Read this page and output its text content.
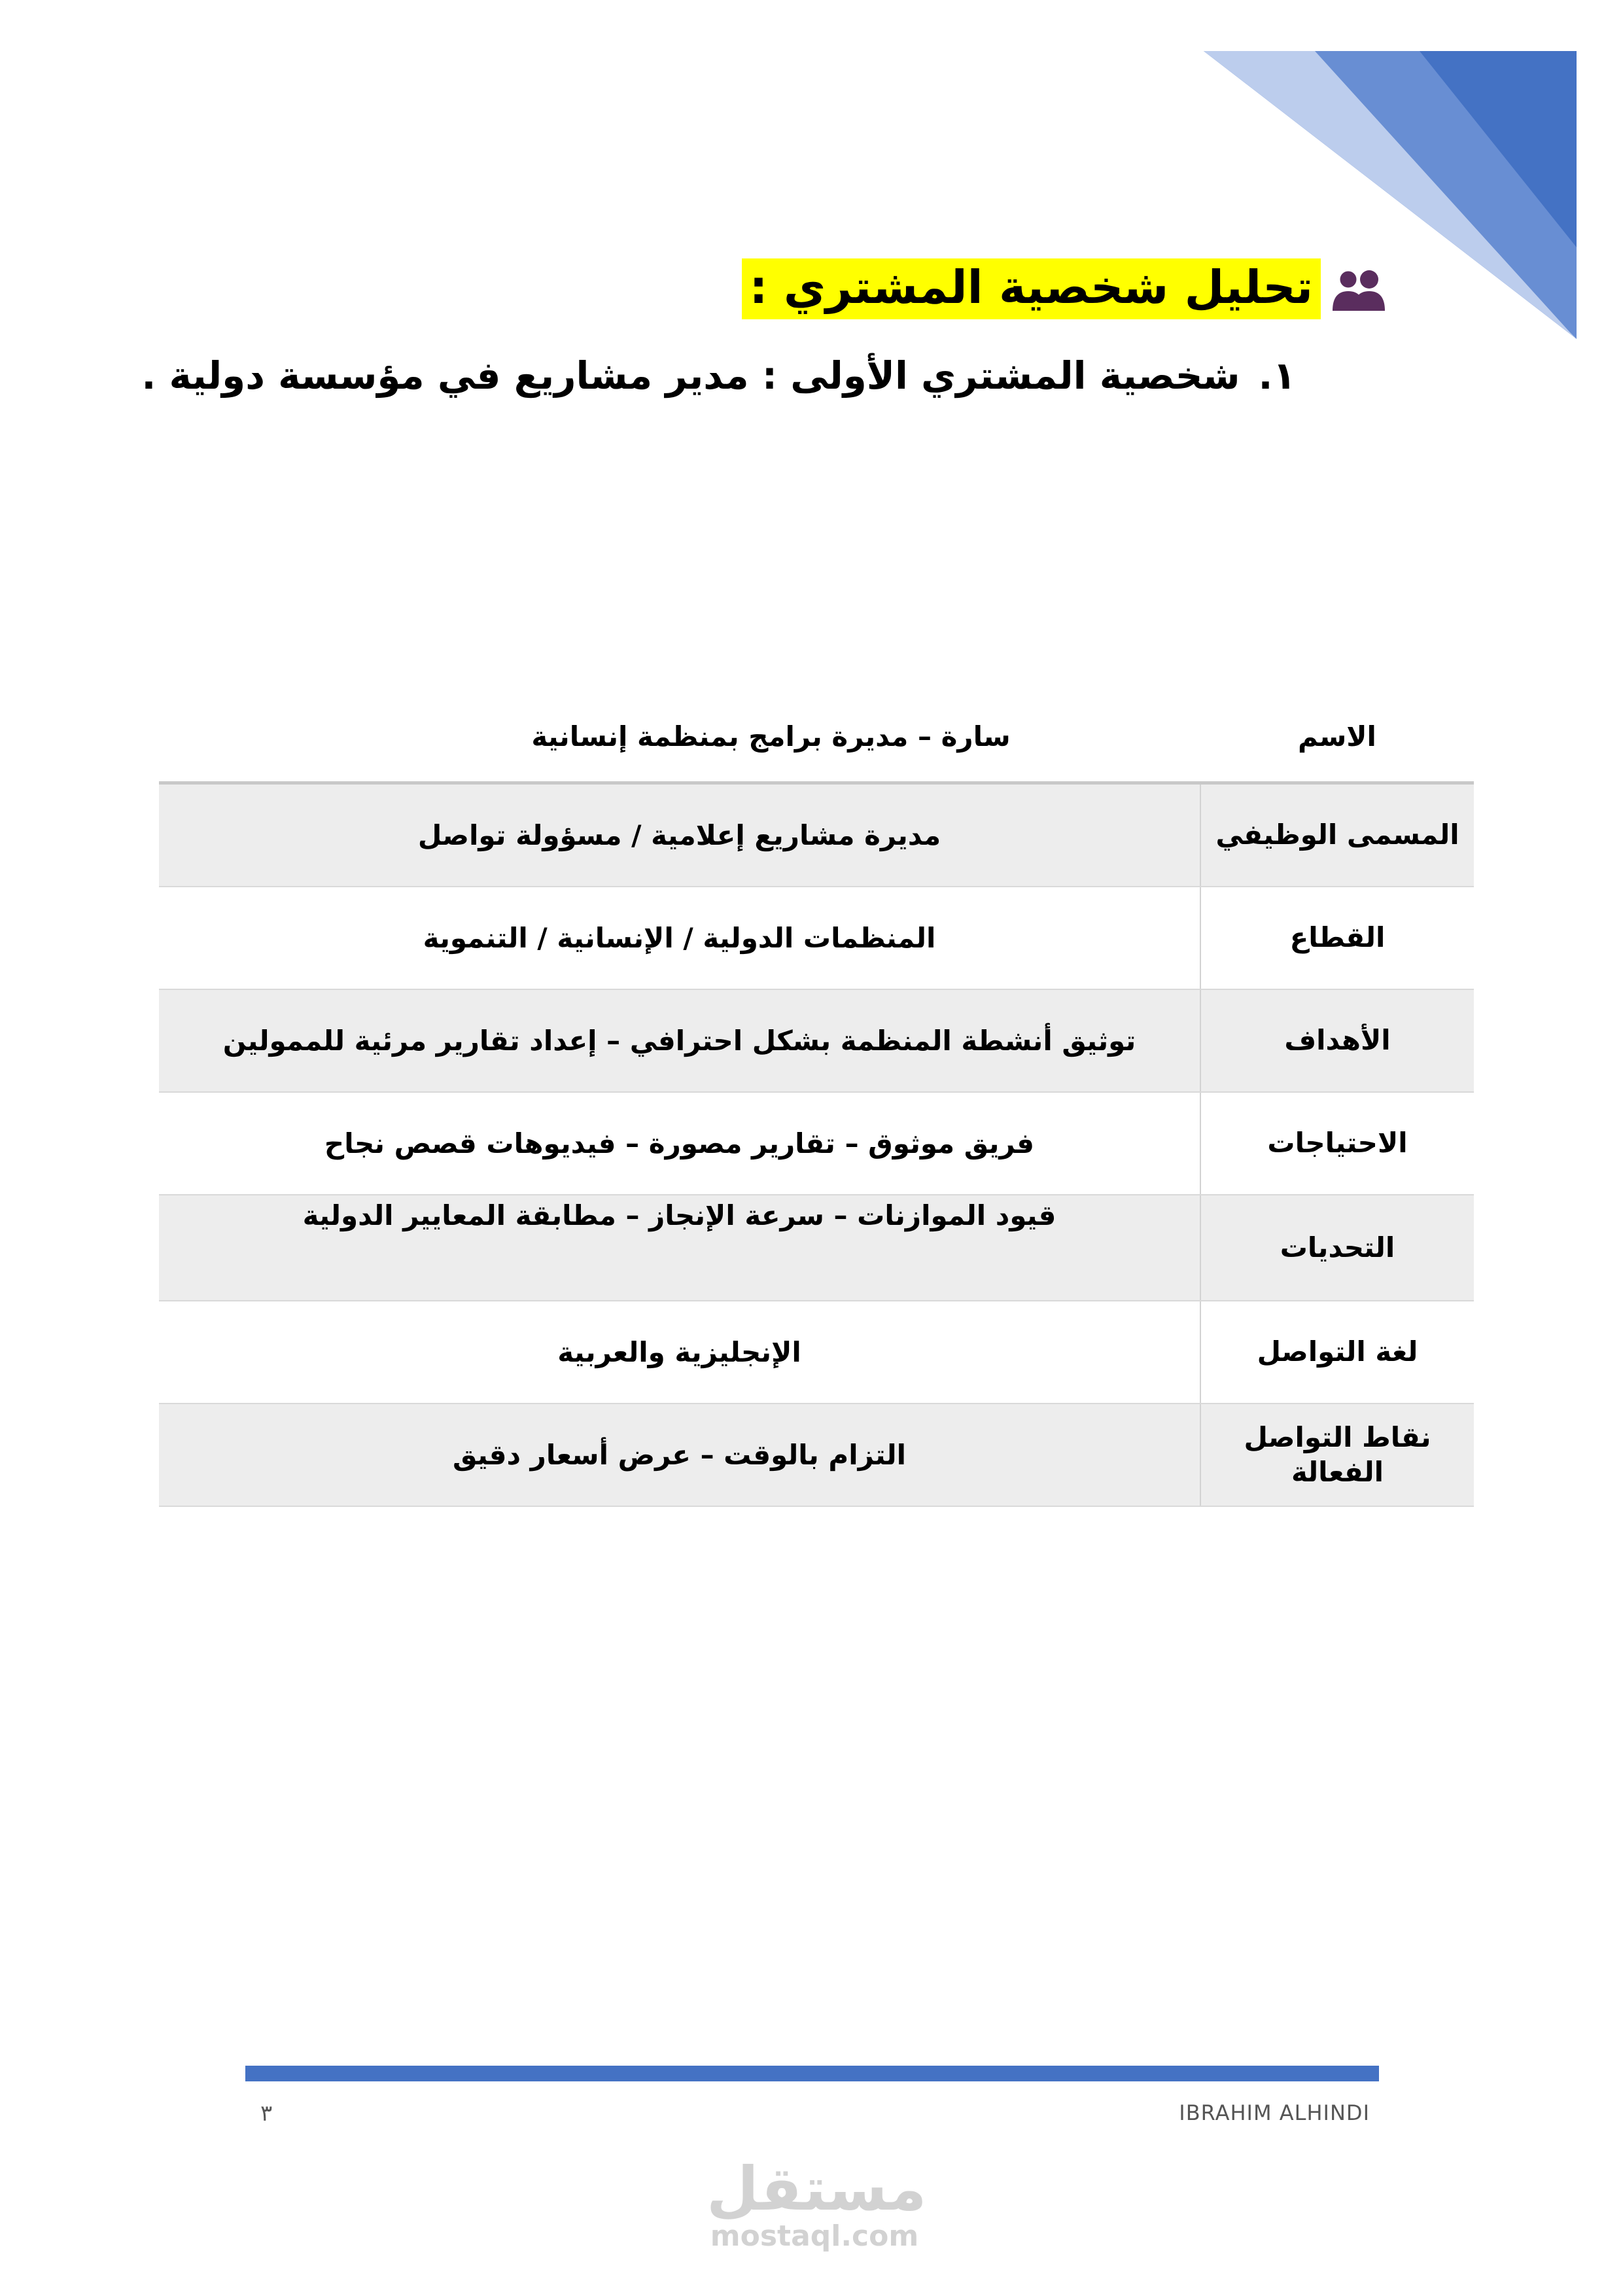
تحليل شخصية المشتري :
١.شخصية المشتري الأولى : مدير مشاريع في مؤسسة دولية .
الاسم	سارة – مديرة برامج بمنظمة إنسانية
المسمى الوظيفي	مديرة مشاريع إعلامية / مسؤولة تواصل
القطاع	المنظمات الدولية / الإنسانية / التنموية
الأهداف	توثيق أنشطة المنظمة بشكل احترافي – إعداد تقارير مرئية للممولين
الاحتياجات	فريق موثوق – تقارير مصورة – فيديوهات قصص نجاح
التحديات	قيود الموازنات – سرعة الإنجاز – مطابقة المعايير الدولية
لغة التواصل	الإنجليزية والعربية
نقاط التواصل الفعالة	التزام بالوقت – عرض أسعار دقيق
٣	IBRAHIM ALHINDI
مستقل
mostaql.com
